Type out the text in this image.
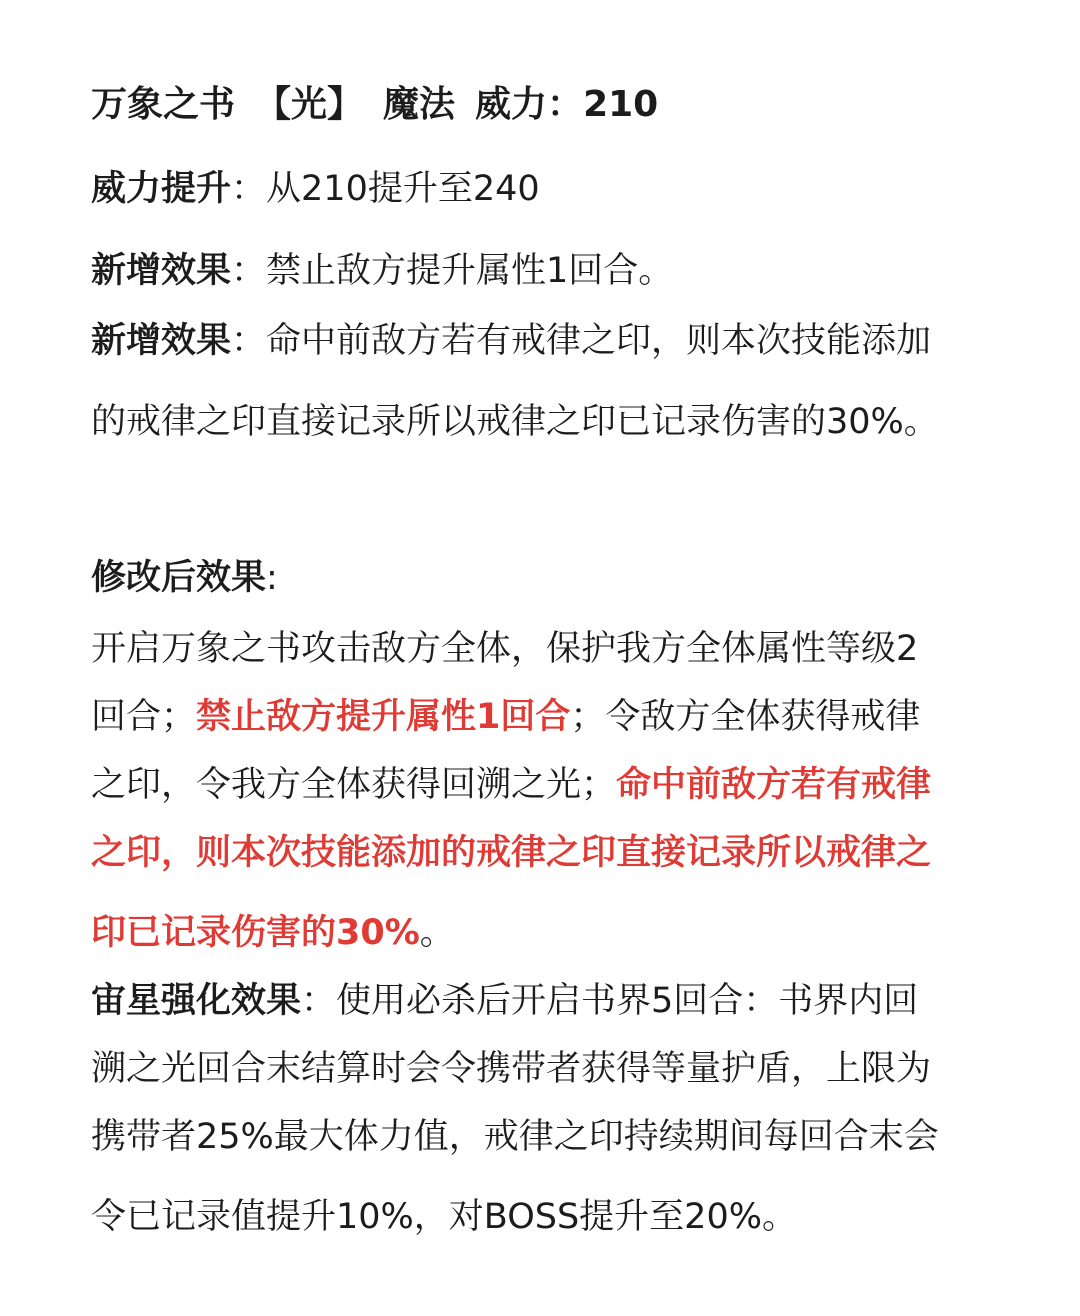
万象之书 【光】 魔法 威力：210
威力提升：从210提升至240
新增效果：禁止敌方提升属性1回合。
新增效果：命中前敌方若有戒律之印，则本次技能添加
的戒律之印直接记录所以戒律之印已记录伤害的30%。
修改后效果:
开启万象之书攻击敌方全体，保护我方全体属性等级2
回合；禁止敌方提升属性1回合；令敌方全体获得戒律
之印，令我方全体获得回溯之光；命中前敌方若有戒律
之印，则本次技能添加的戒律之印直接记录所以戒律之
印已记录伤害的30%。
宙星强化效果：使用必杀后开启书界5回合：书界内回
溯之光回合末结算时会令携带者获得等量护盾，上限为
携带者25%最大体力值，戒律之印持续期间每回合末会
令已记录值提升10%，对BOSS提升至20%。
